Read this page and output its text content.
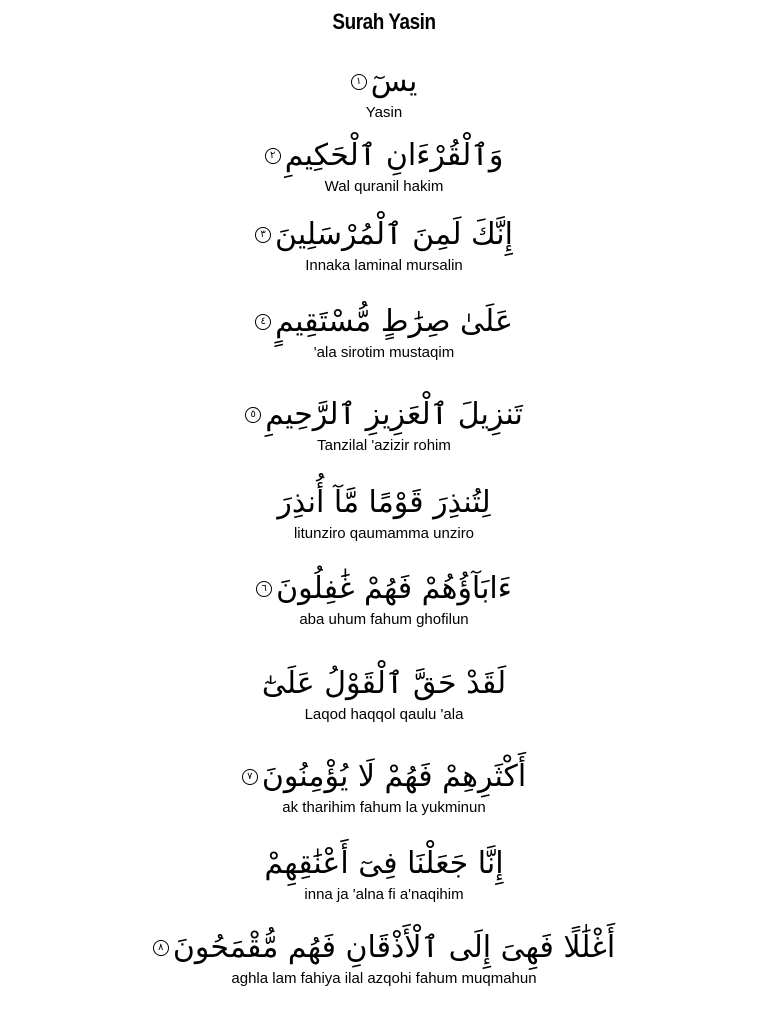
Surah Yasin
يسٓ
١
Yasin
وَٱلْقُرْءَانِ ٱلْحَكِيمِ
٢
Wal quranil hakim
إِنَّكَ لَمِنَ ٱلْمُرْسَلِينَ
٣
Innaka laminal mursalin
عَلَىٰ صِرَٰطٍ مُّسْتَقِيمٍ
٤
'ala sirotim mustaqim
تَنزِيلَ ٱلْعَزِيزِ ٱلرَّحِيمِ
٥
Tanzilal 'azizir rohim
لِتُنذِرَ قَوْمًا مَّآ أُنذِرَ
litunziro qaumamma unziro
ءَابَآؤُهُمْ فَهُمْ غَٰفِلُونَ
٦
aba uhum fahum ghofilun
لَقَدْ حَقَّ ٱلْقَوْلُ عَلَىٰٓ
Laqod haqqol qaulu 'ala
أَكْثَرِهِمْ فَهُمْ لَا يُؤْمِنُونَ
٧
ak tharihim fahum la yukminun
إِنَّا جَعَلْنَا فِىٓ أَعْنَٰقِهِمْ
inna ja 'alna fi a'naqihim
أَغْلَٰلًا فَهِىَ إِلَى ٱلْأَذْقَانِ فَهُم مُّقْمَحُونَ
٨
aghla lam fahiya ilal azqohi fahum muqmahun
